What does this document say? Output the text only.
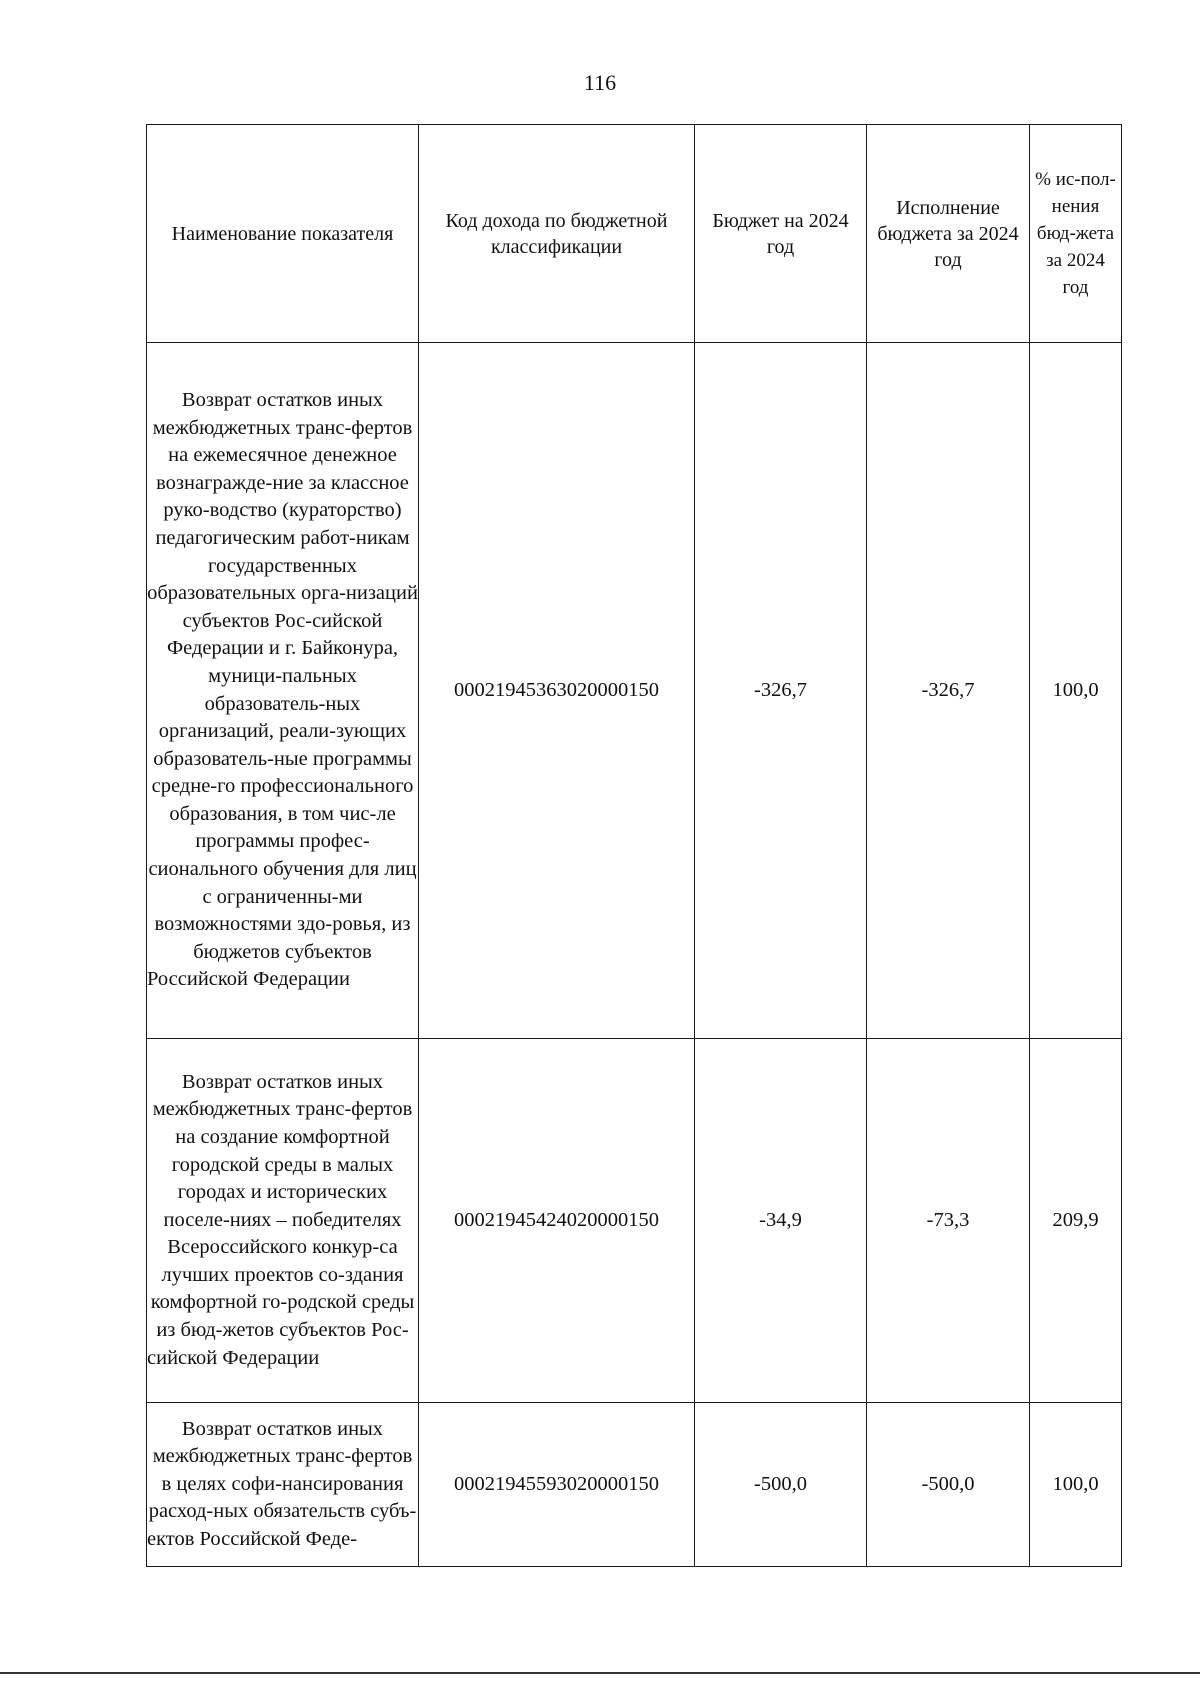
116
Наименование показателя	Код дохода по бюджетной классификации	Бюджет на 2024 год	Исполнение бюджета за 2024 год	% ис-пол-нения бюд-жета за 2024 год
Возврат остатков иных межбюджетных транс-фертов на ежемесячное денежное вознагражде-ние за классное руко-водство (кураторство) педагогическим работ-никам государственных образовательных орга-низаций субъектов Рос-сийской Федерации и г. Байконура, муници-пальных образователь-ных организаций, реали-зующих образователь-ные программы средне-го профессионального образования, в том чис-ле программы профес-сионального обучения для лиц с ограниченны-ми возможностями здо-ровья, из бюджетов субъектов Российской Федерации	00021945363020000150	-326,7	-326,7	100,0
Возврат остатков иных межбюджетных транс-фертов на создание комфортной городской среды в малых городах и исторических поселе-ниях – победителях Всероссийского конкур-са лучших проектов со-здания комфортной го-родской среды из бюд-жетов субъектов Рос-сийской Федерации	00021945424020000150	-34,9	-73,3	209,9
Возврат остатков иных межбюджетных транс-фертов в целях софи-нансирования расход-ных обязательств субъ-ектов Российской Феде-	00021945593020000150	-500,0	-500,0	100,0
